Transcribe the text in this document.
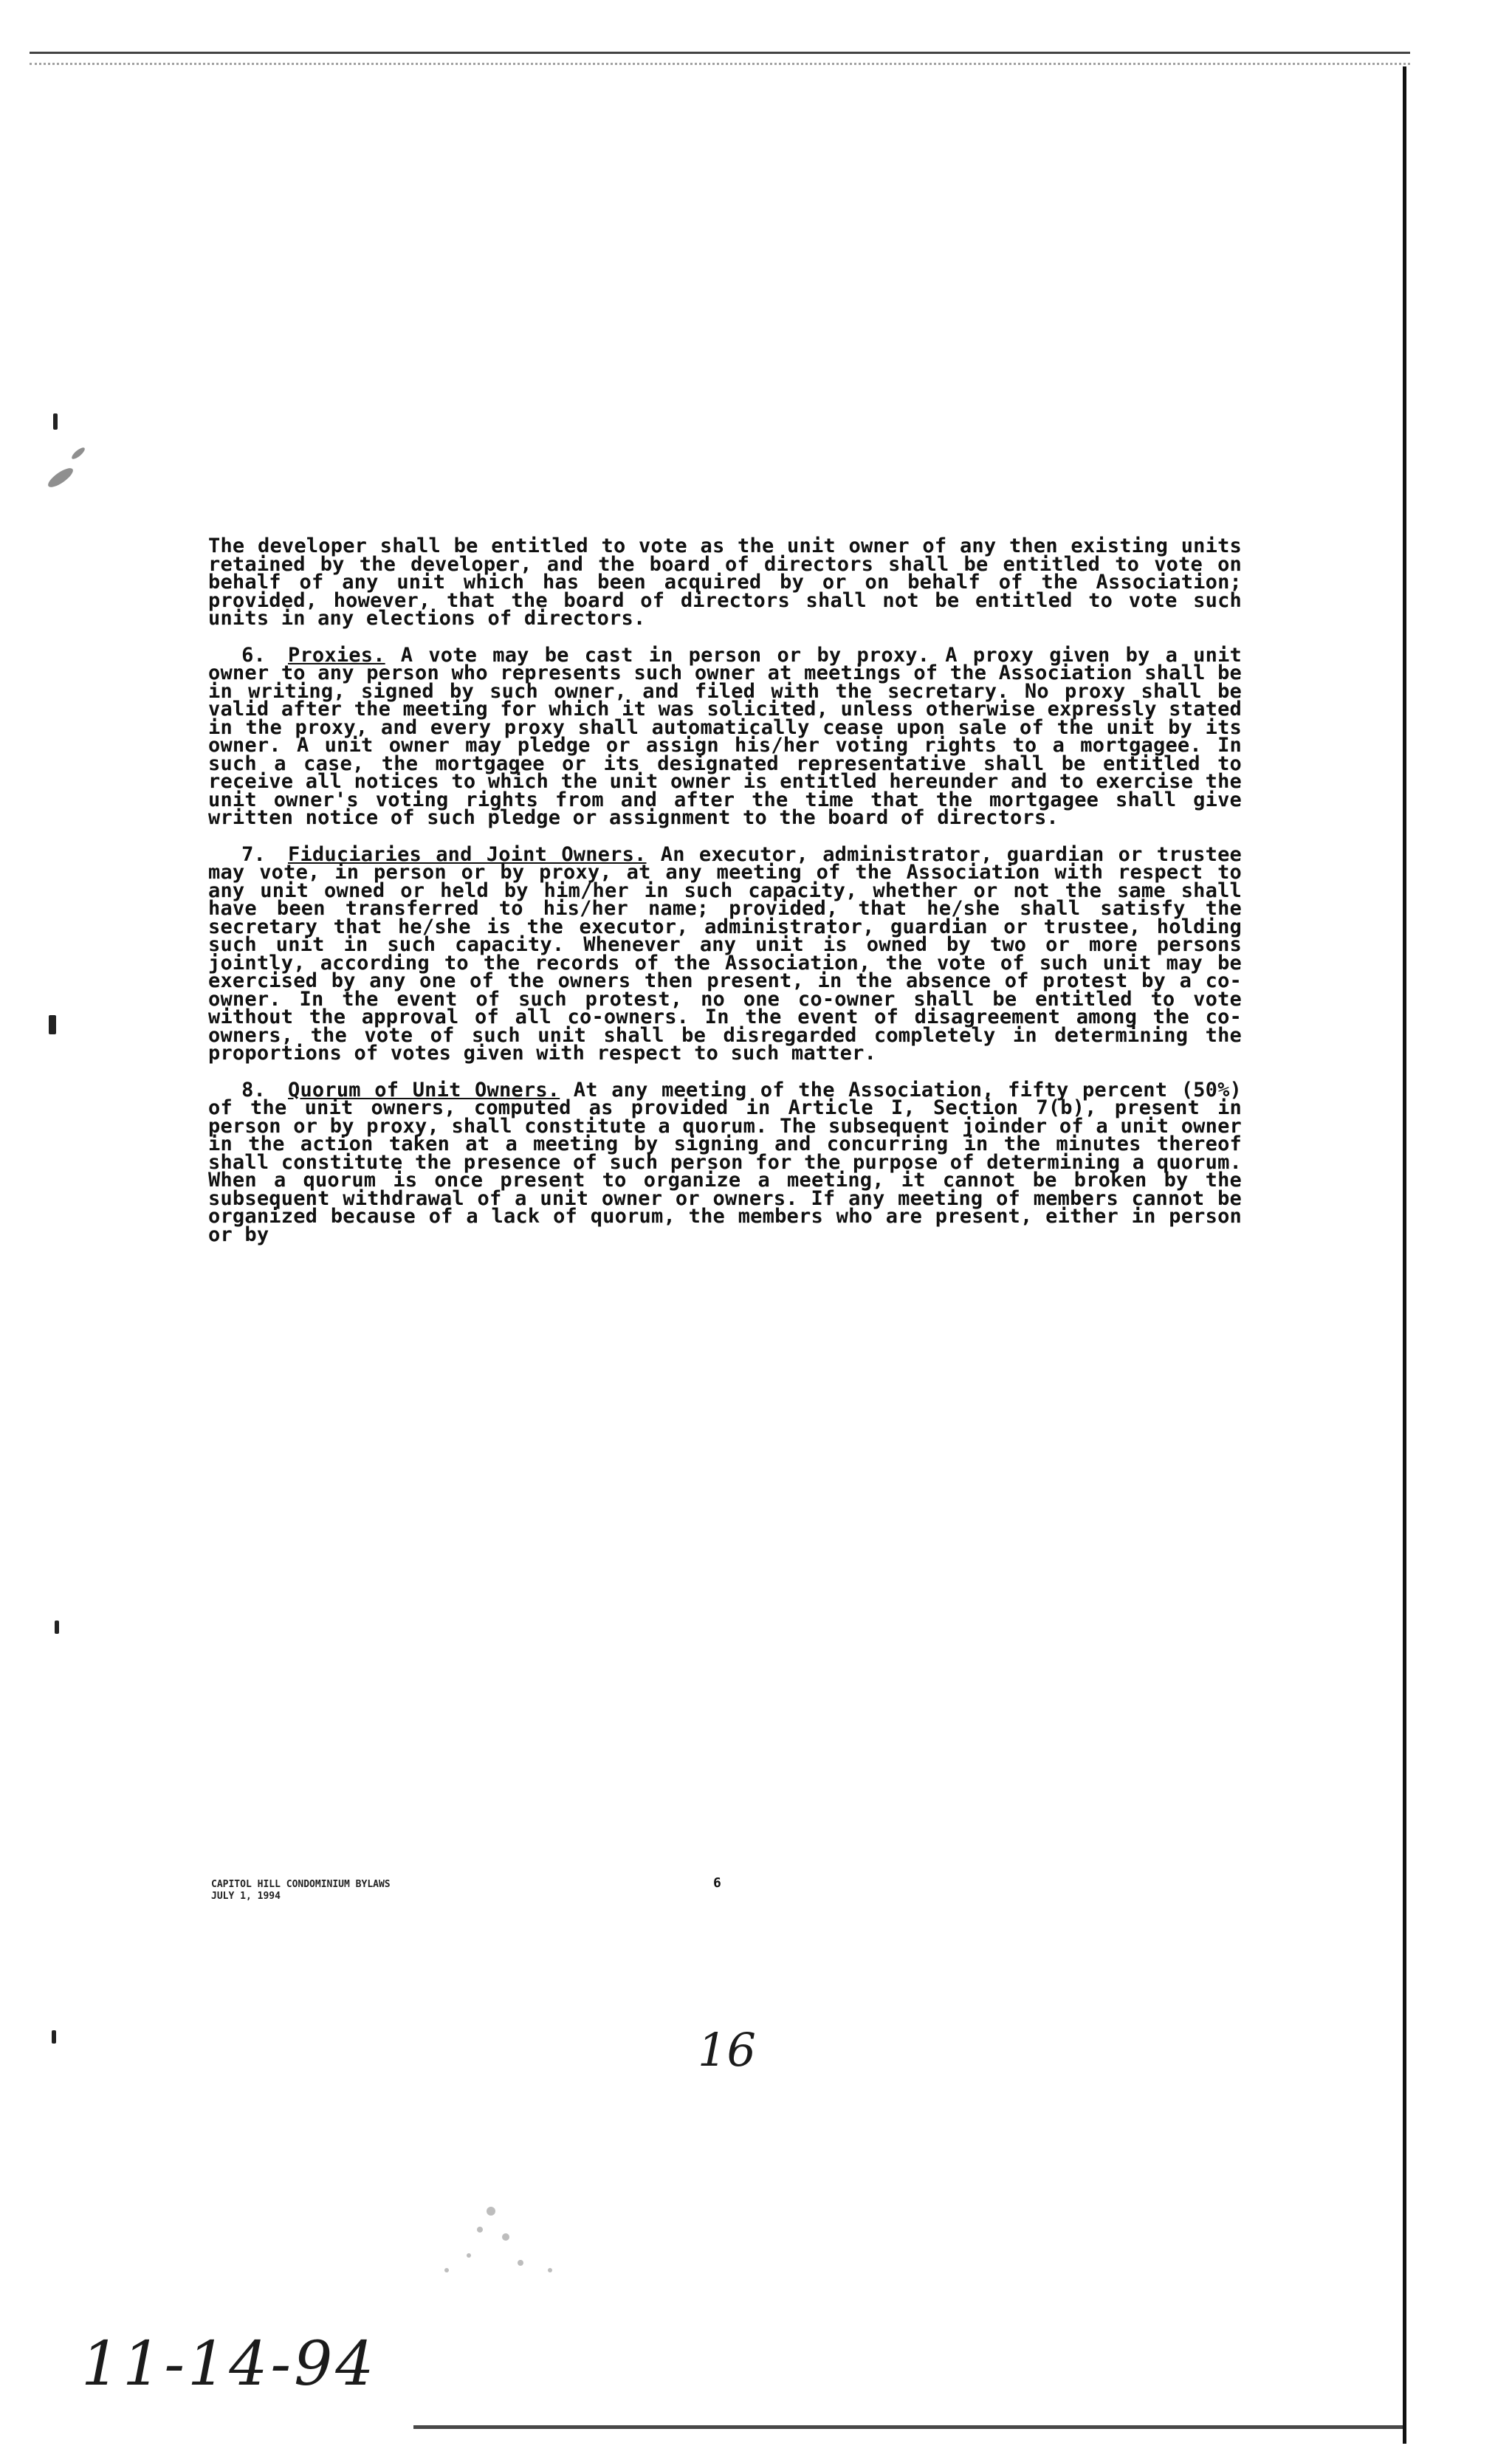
The developer shall be entitled to vote as the unit owner of any then existing units retained by the developer, and the board of directors shall be entitled to vote on behalf of any unit which has been acquired by or on behalf of the Association; provided, however, that the board of directors shall not be entitled to vote such units in any elections of directors.

6. Proxies. A vote may be cast in person or by proxy. A proxy given by a unit owner to any person who represents such owner at meetings of the Association shall be in writing, signed by such owner, and filed with the secretary. No proxy shall be valid after the meeting for which it was solicited, unless otherwise expressly stated in the proxy, and every proxy shall automatically cease upon sale of the unit by its owner. A unit owner may pledge or assign his/her voting rights to a mortgagee. In such a case, the mortgagee or its designated representative shall be entitled to receive all notices to which the unit owner is entitled hereunder and to exercise the unit owner's voting rights from and after the time that the mortgagee shall give written notice of such pledge or assignment to the board of directors.

7. Fiduciaries and Joint Owners. An executor, administrator, guardian or trustee may vote, in person or by proxy, at any meeting of the Association with respect to any unit owned or held by him/her in such capacity, whether or not the same shall have been transferred to his/her name; provided, that he/she shall satisfy the secretary that he/she is the executor, administrator, guardian or trustee, holding such unit in such capacity. Whenever any unit is owned by two or more persons jointly, according to the records of the Association, the vote of such unit may be exercised by any one of the owners then present, in the absence of protest by a co-owner. In the event of such protest, no one co-owner shall be entitled to vote without the approval of all co-owners. In the event of disagreement among the co-owners, the vote of such unit shall be disregarded completely in determining the proportions of votes given with respect to such matter.

8. Quorum of Unit Owners. At any meeting of the Association, fifty percent (50%) of the unit owners, computed as provided in Article I, Section 7(b), present in person or by proxy, shall constitute a quorum. The subsequent joinder of a unit owner in the action taken at a meeting by signing and concurring in the minutes thereof shall constitute the presence of such person for the purpose of determining a quorum. When a quorum is once present to organize a meeting, it cannot be broken by the subsequent withdrawal of a unit owner or owners. If any meeting of members cannot be organized because of a lack of quorum, the members who are present, either in person or by

CAPITOL HILL CONDOMINIUM BYLAWS
JULY 1, 1994
6
16
11-14-94
